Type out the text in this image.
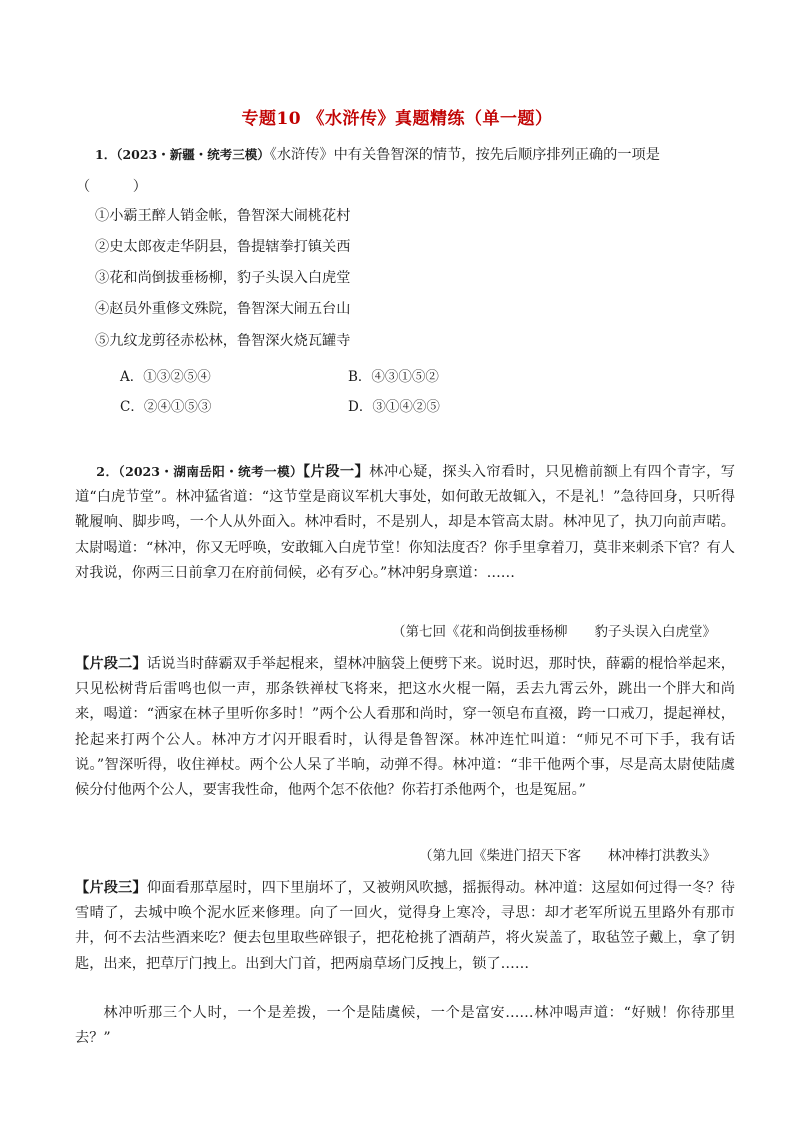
专题10 《水浒传》真题精练（单一题）
1．（2023・新疆・统考三模）《水浒传》中有关鲁智深的情节，按先后顺序排列正确的一项是
（　　　）
①小霸王醉人销金帐，鲁智深大闹桃花村
②史太郎夜走华阴县，鲁提辖拳打镇关西
③花和尚倒拔垂杨柳，豹子头误入白虎堂
④赵员外重修文殊院，鲁智深大闹五台山
⑤九纹龙剪径赤松林，鲁智深火烧瓦罐寺
A．①③②⑤④	B．④③①⑤②
C．②④①⑤③	D．③①④②⑤
2．（2023・湖南岳阳・统考一模）【片段一】林冲心疑，探头入帘看时，只见檐前额上有四个青字，写道“白虎节堂”。林冲猛省道：“这节堂是商议军机大事处，如何敢无故辄入，不是礼！”急待回身，只听得靴履响、脚步鸣，一个人从外面入。林冲看时，不是别人，却是本管高太尉。林冲见了，执刀向前声喏。太尉喝道：“林冲，你又无呼唤，安敢辄入白虎节堂！你知法度否？你手里拿着刀，莫非来刺杀下官？有人对我说，你两三日前拿刀在府前伺候，必有歹心。”林冲躬身禀道：……
（第七回《花和尚倒拔垂杨柳　　豹子头误入白虎堂》
【片段二】话说当时薛霸双手举起棍来，望林冲脑袋上便劈下来。说时迟，那时快，薛霸的棍恰举起来，只见松树背后雷鸣也似一声，那条铁禅杖飞将来，把这水火棍一隔，丢去九霄云外，跳出一个胖大和尚来，喝道：“洒家在林子里听你多时！”两个公人看那和尚时，穿一领皂布直裰，跨一口戒刀，提起禅杖，抡起来打两个公人。林冲方才闪开眼看时，认得是鲁智深。林冲连忙叫道：“师兄不可下手，我有话说。”智深听得，收住禅杖。两个公人呆了半晌，动弹不得。林冲道：“非干他两个事，尽是高太尉使陆虞候分付他两个公人，要害我性命，他两个怎不依他？你若打杀他两个，也是冤屈。”
（第九回《柴进门招天下客　　林冲棒打洪教头》
【片段三】仰面看那草屋时，四下里崩坏了，又被朔风吹撼，摇振得动。林冲道：这屋如何过得一冬？待雪晴了，去城中唤个泥水匠来修理。向了一回火，觉得身上寒冷，寻思：却才老军所说五里路外有那市井，何不去沽些酒来吃？便去包里取些碎银子，把花枪挑了酒葫芦，将火炭盖了，取毡笠子戴上，拿了钥匙，出来，把草厅门拽上。出到大门首，把两扇草场门反拽上，锁了……
林冲听那三个人时，一个是差拨，一个是陆虞候，一个是富安……林冲喝声道：“好贼！你待那里去？”
